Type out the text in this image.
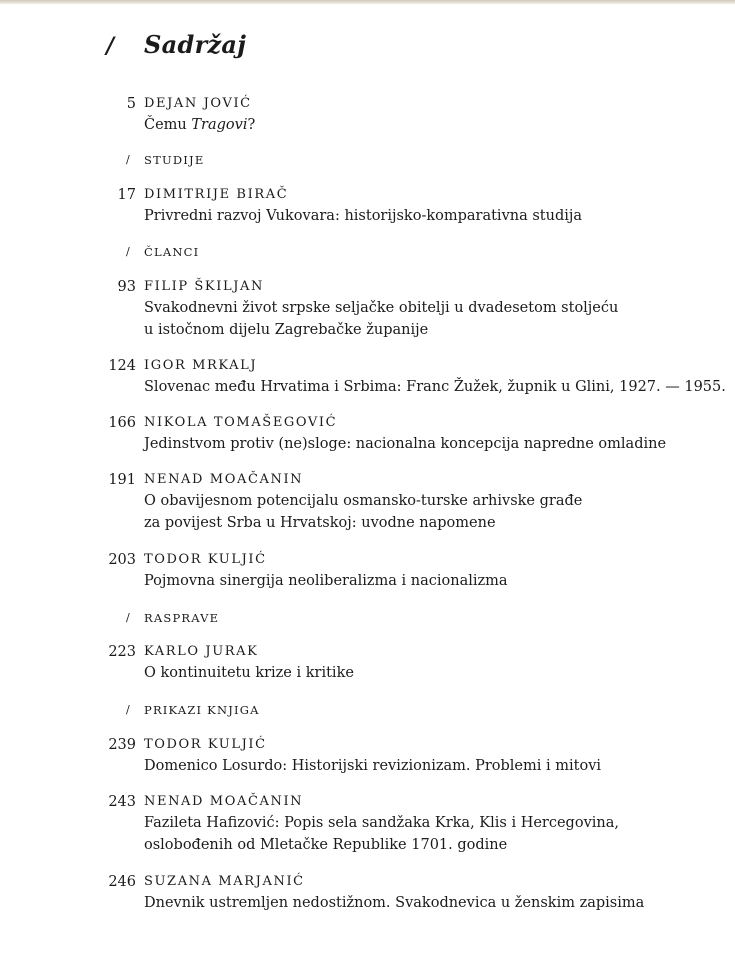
/	Sadržaj
5 DEJAN JOVIĆ
Čemu Tragovi?
/ STUDIJE
17 DIMITRIJE BIRAČ
Privredni razvoj Vukovara: historijsko-komparativna studija
/ ČLANCI
93 FILIP ŠKILJAN
Svakodnevni život srpske seljačke obitelji u dvadesetom stoljeću
u istočnom dijelu Zagrebačke županije
124 IGOR MRKALJ
Slovenac među Hrvatima i Srbima: Franc Žužek, župnik u Glini, 1927. — 1955.
166 NIKOLA TOMAŠEGOVIĆ
Jedinstvom protiv (ne)sloge: nacionalna koncepcija napredne omladine
191 NENAD MOAČANIN
O obavijesnom potencijalu osmansko-turske arhivske građe
za povijest Srba u Hrvatskoj: uvodne napomene
203 TODOR KULJIĆ
Pojmovna sinergija neoliberalizma i nacionalizma
/ RASPRAVE
223 KARLO JURAK
O kontinuitetu krize i kritike
/ PRIKAZI KNJIGA
239 TODOR KULJIĆ
Domenico Losurdo: Historijski revizionizam. Problemi i mitovi
243 NENAD MOAČANIN
Fazileta Hafizović: Popis sela sandžaka Krka, Klis i Hercegovina,
oslobođenih od Mletačke Republike 1701. godine
246 SUZANA MARJANIĆ
Dnevnik ustremljen nedostižnom. Svakodnevica u ženskim zapisima
